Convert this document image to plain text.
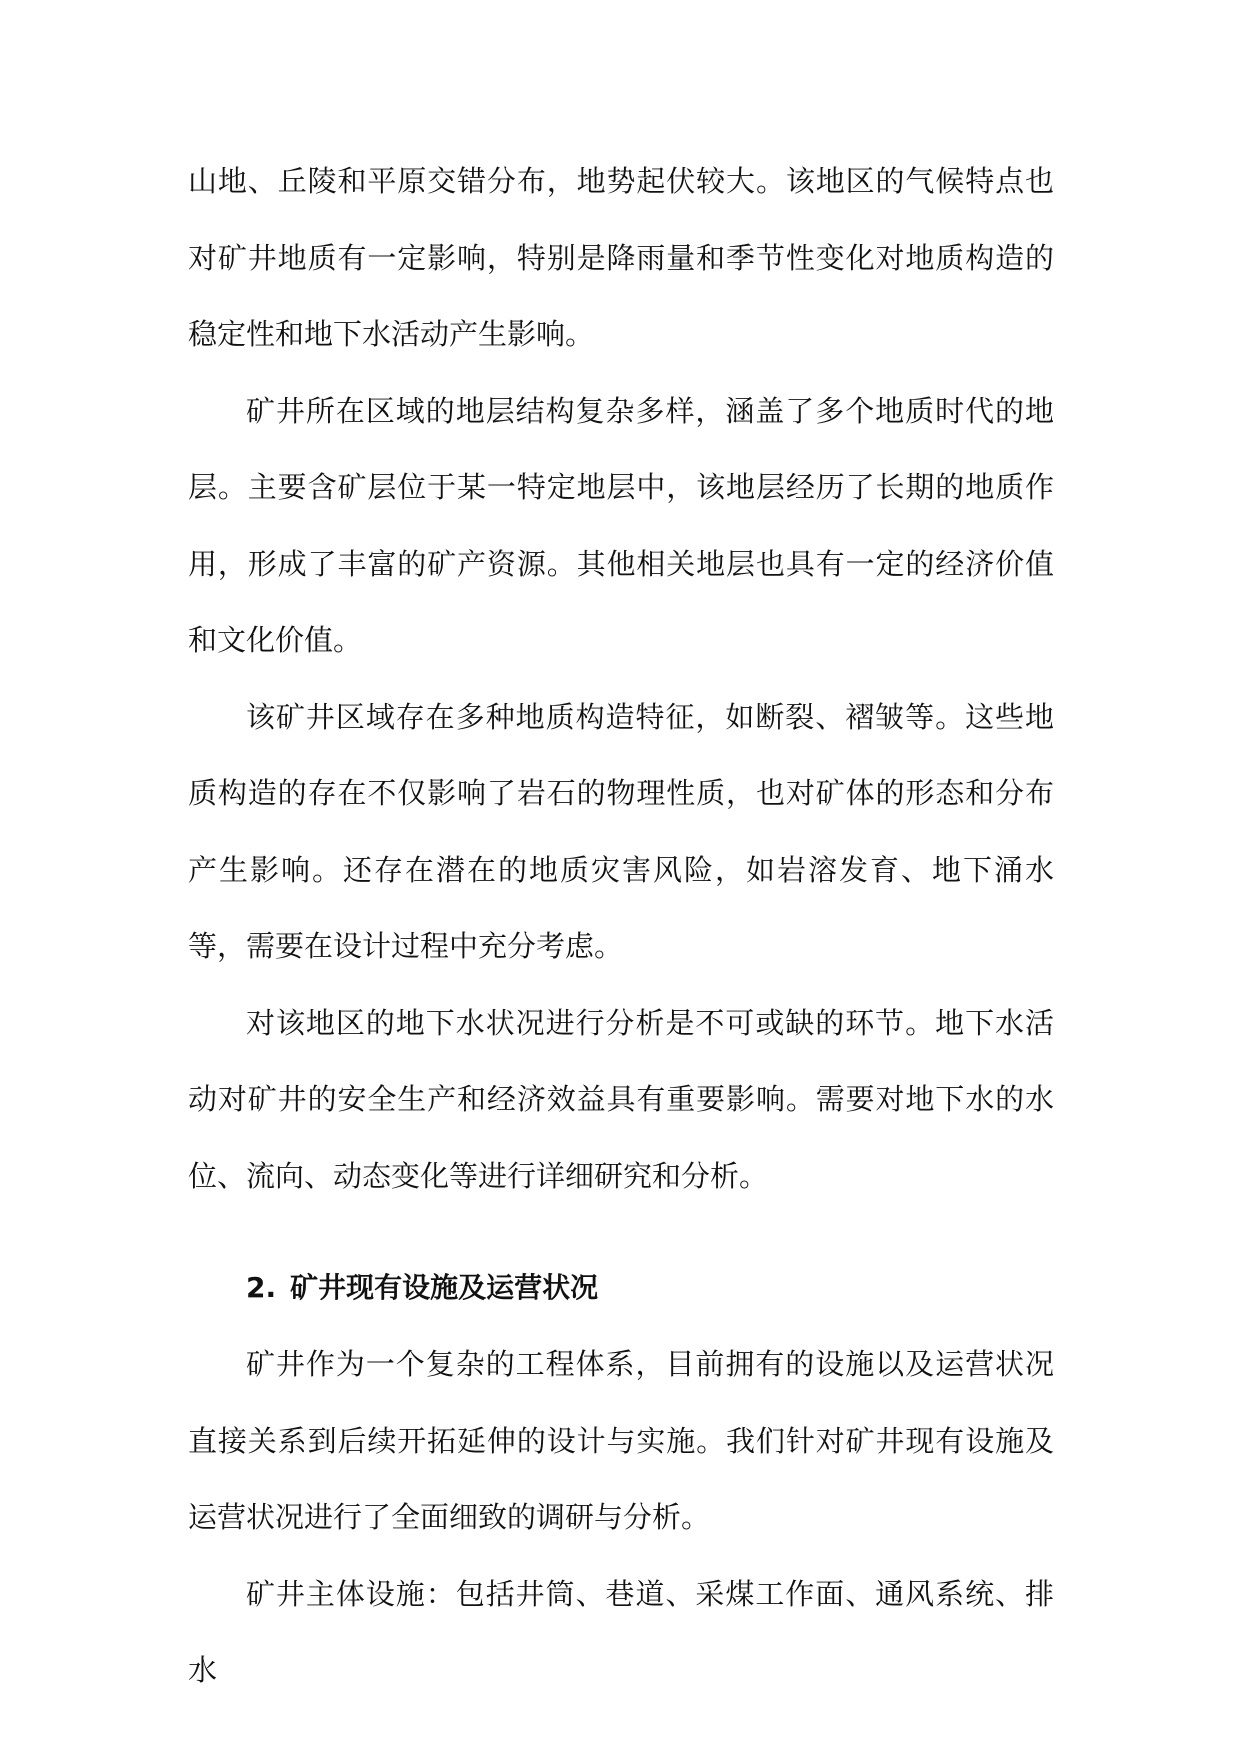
山地、丘陵和平原交错分布，地势起伏较大。该地区的气候特点也对矿井地质有一定影响，特别是降雨量和季节性变化对地质构造的稳定性和地下水活动产生影响。

矿井所在区域的地层结构复杂多样，涵盖了多个地质时代的地层。主要含矿层位于某一特定地层中，该地层经历了长期的地质作用，形成了丰富的矿产资源。其他相关地层也具有一定的经济价值和文化价值。

该矿井区域存在多种地质构造特征，如断裂、褶皱等。这些地质构造的存在不仅影响了岩石的物理性质，也对矿体的形态和分布产生影响。还存在潜在的地质灾害风险，如岩溶发育、地下涌水等，需要在设计过程中充分考虑。

对该地区的地下水状况进行分析是不可或缺的环节。地下水活动对矿井的安全生产和经济效益具有重要影响。需要对地下水的水位、流向、动态变化等进行详细研究和分析。

2. 矿井现有设施及运营状况

矿井作为一个复杂的工程体系，目前拥有的设施以及运营状况直接关系到后续开拓延伸的设计与实施。我们针对矿井现有设施及运营状况进行了全面细致的调研与分析。

矿井主体设施：包括井筒、巷道、采煤工作面、通风系统、排水
